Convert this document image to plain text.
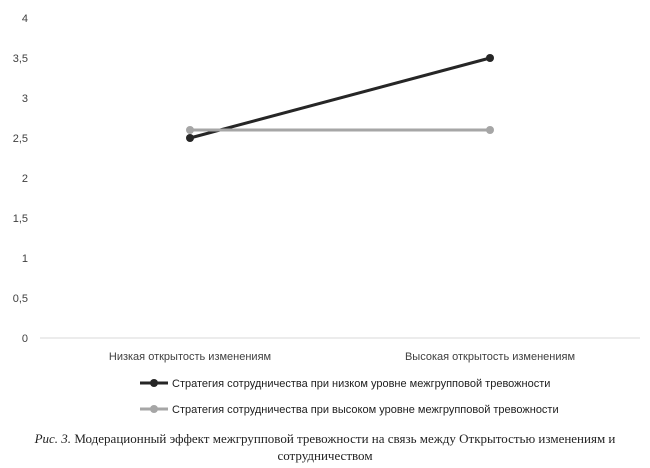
0
0,5
1
1,5
2
2,5
3
3,5
4
Низкая открытость изменениям	Высокая открытость изменениям
Стратегия сотрудничества при низком уровне межгрупповой тревожности
Стратегия сотрудничества при высоком уровне межгрупповой тревожности
Рис. 3. Модерационный эффект межгрупповой тревожности на связь между Открытостью изменениям и сотрудничеством
